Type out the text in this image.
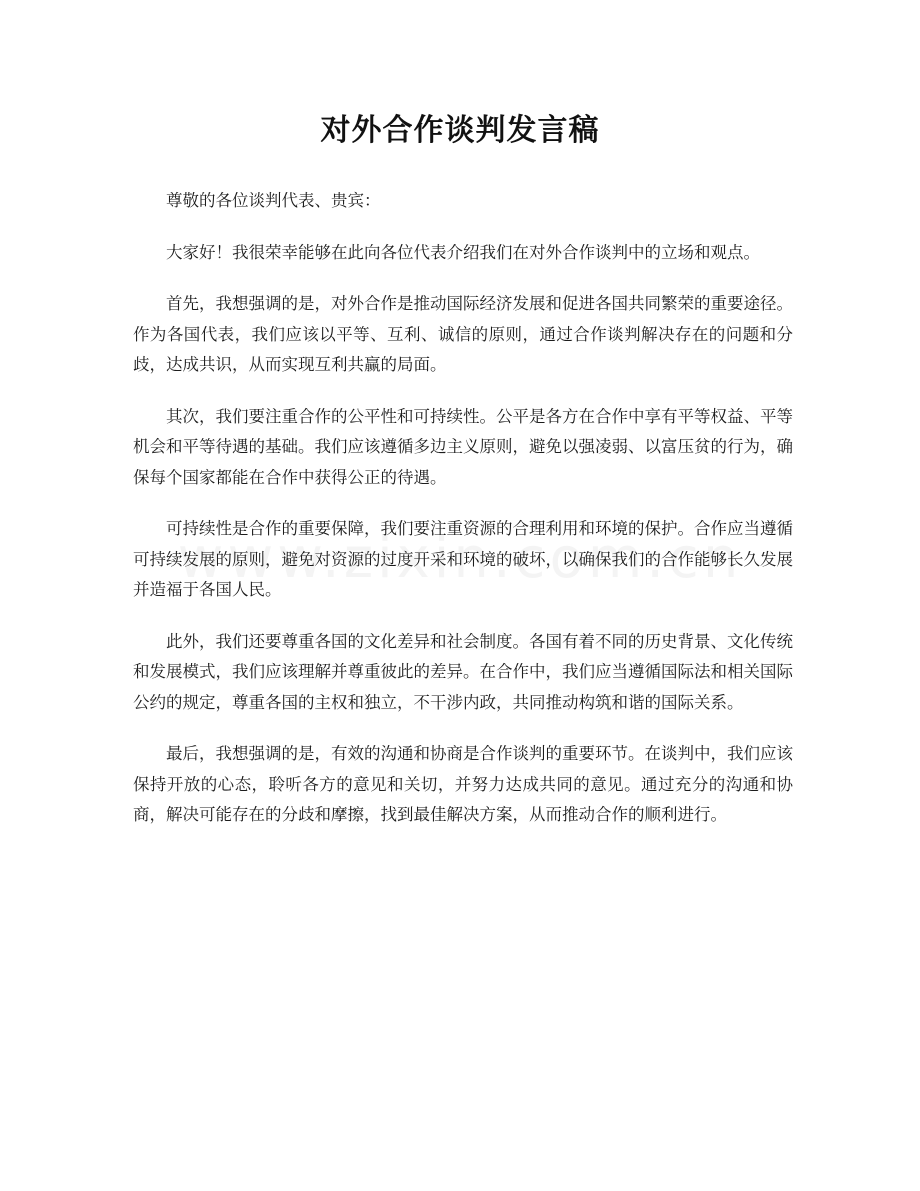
对外合作谈判发言稿

尊敬的各位谈判代表、贵宾：

大家好！我很荣幸能够在此向各位代表介绍我们在对外合作谈判中的立场和观点。

首先，我想强调的是，对外合作是推动国际经济发展和促进各国共同繁荣的重要途径。作为各国代表，我们应该以平等、互利、诚信的原则，通过合作谈判解决存在的问题和分歧，达成共识，从而实现互利共赢的局面。

其次，我们要注重合作的公平性和可持续性。公平是各方在合作中享有平等权益、平等机会和平等待遇的基础。我们应该遵循多边主义原则，避免以强凌弱、以富压贫的行为，确保每个国家都能在合作中获得公正的待遇。

可持续性是合作的重要保障，我们要注重资源的合理利用和环境的保护。合作应当遵循可持续发展的原则，避免对资源的过度开采和环境的破坏，以确保我们的合作能够长久发展并造福于各国人民。

此外，我们还要尊重各国的文化差异和社会制度。各国有着不同的历史背景、文化传统和发展模式，我们应该理解并尊重彼此的差异。在合作中，我们应当遵循国际法和相关国际公约的规定，尊重各国的主权和独立，不干涉内政，共同推动构筑和谐的国际关系。

最后，我想强调的是，有效的沟通和协商是合作谈判的重要环节。在谈判中，我们应该保持开放的心态，聆听各方的意见和关切，并努力达成共同的意见。通过充分的沟通和协商，解决可能存在的分歧和摩擦，找到最佳解决方案，从而推动合作的顺利进行。
